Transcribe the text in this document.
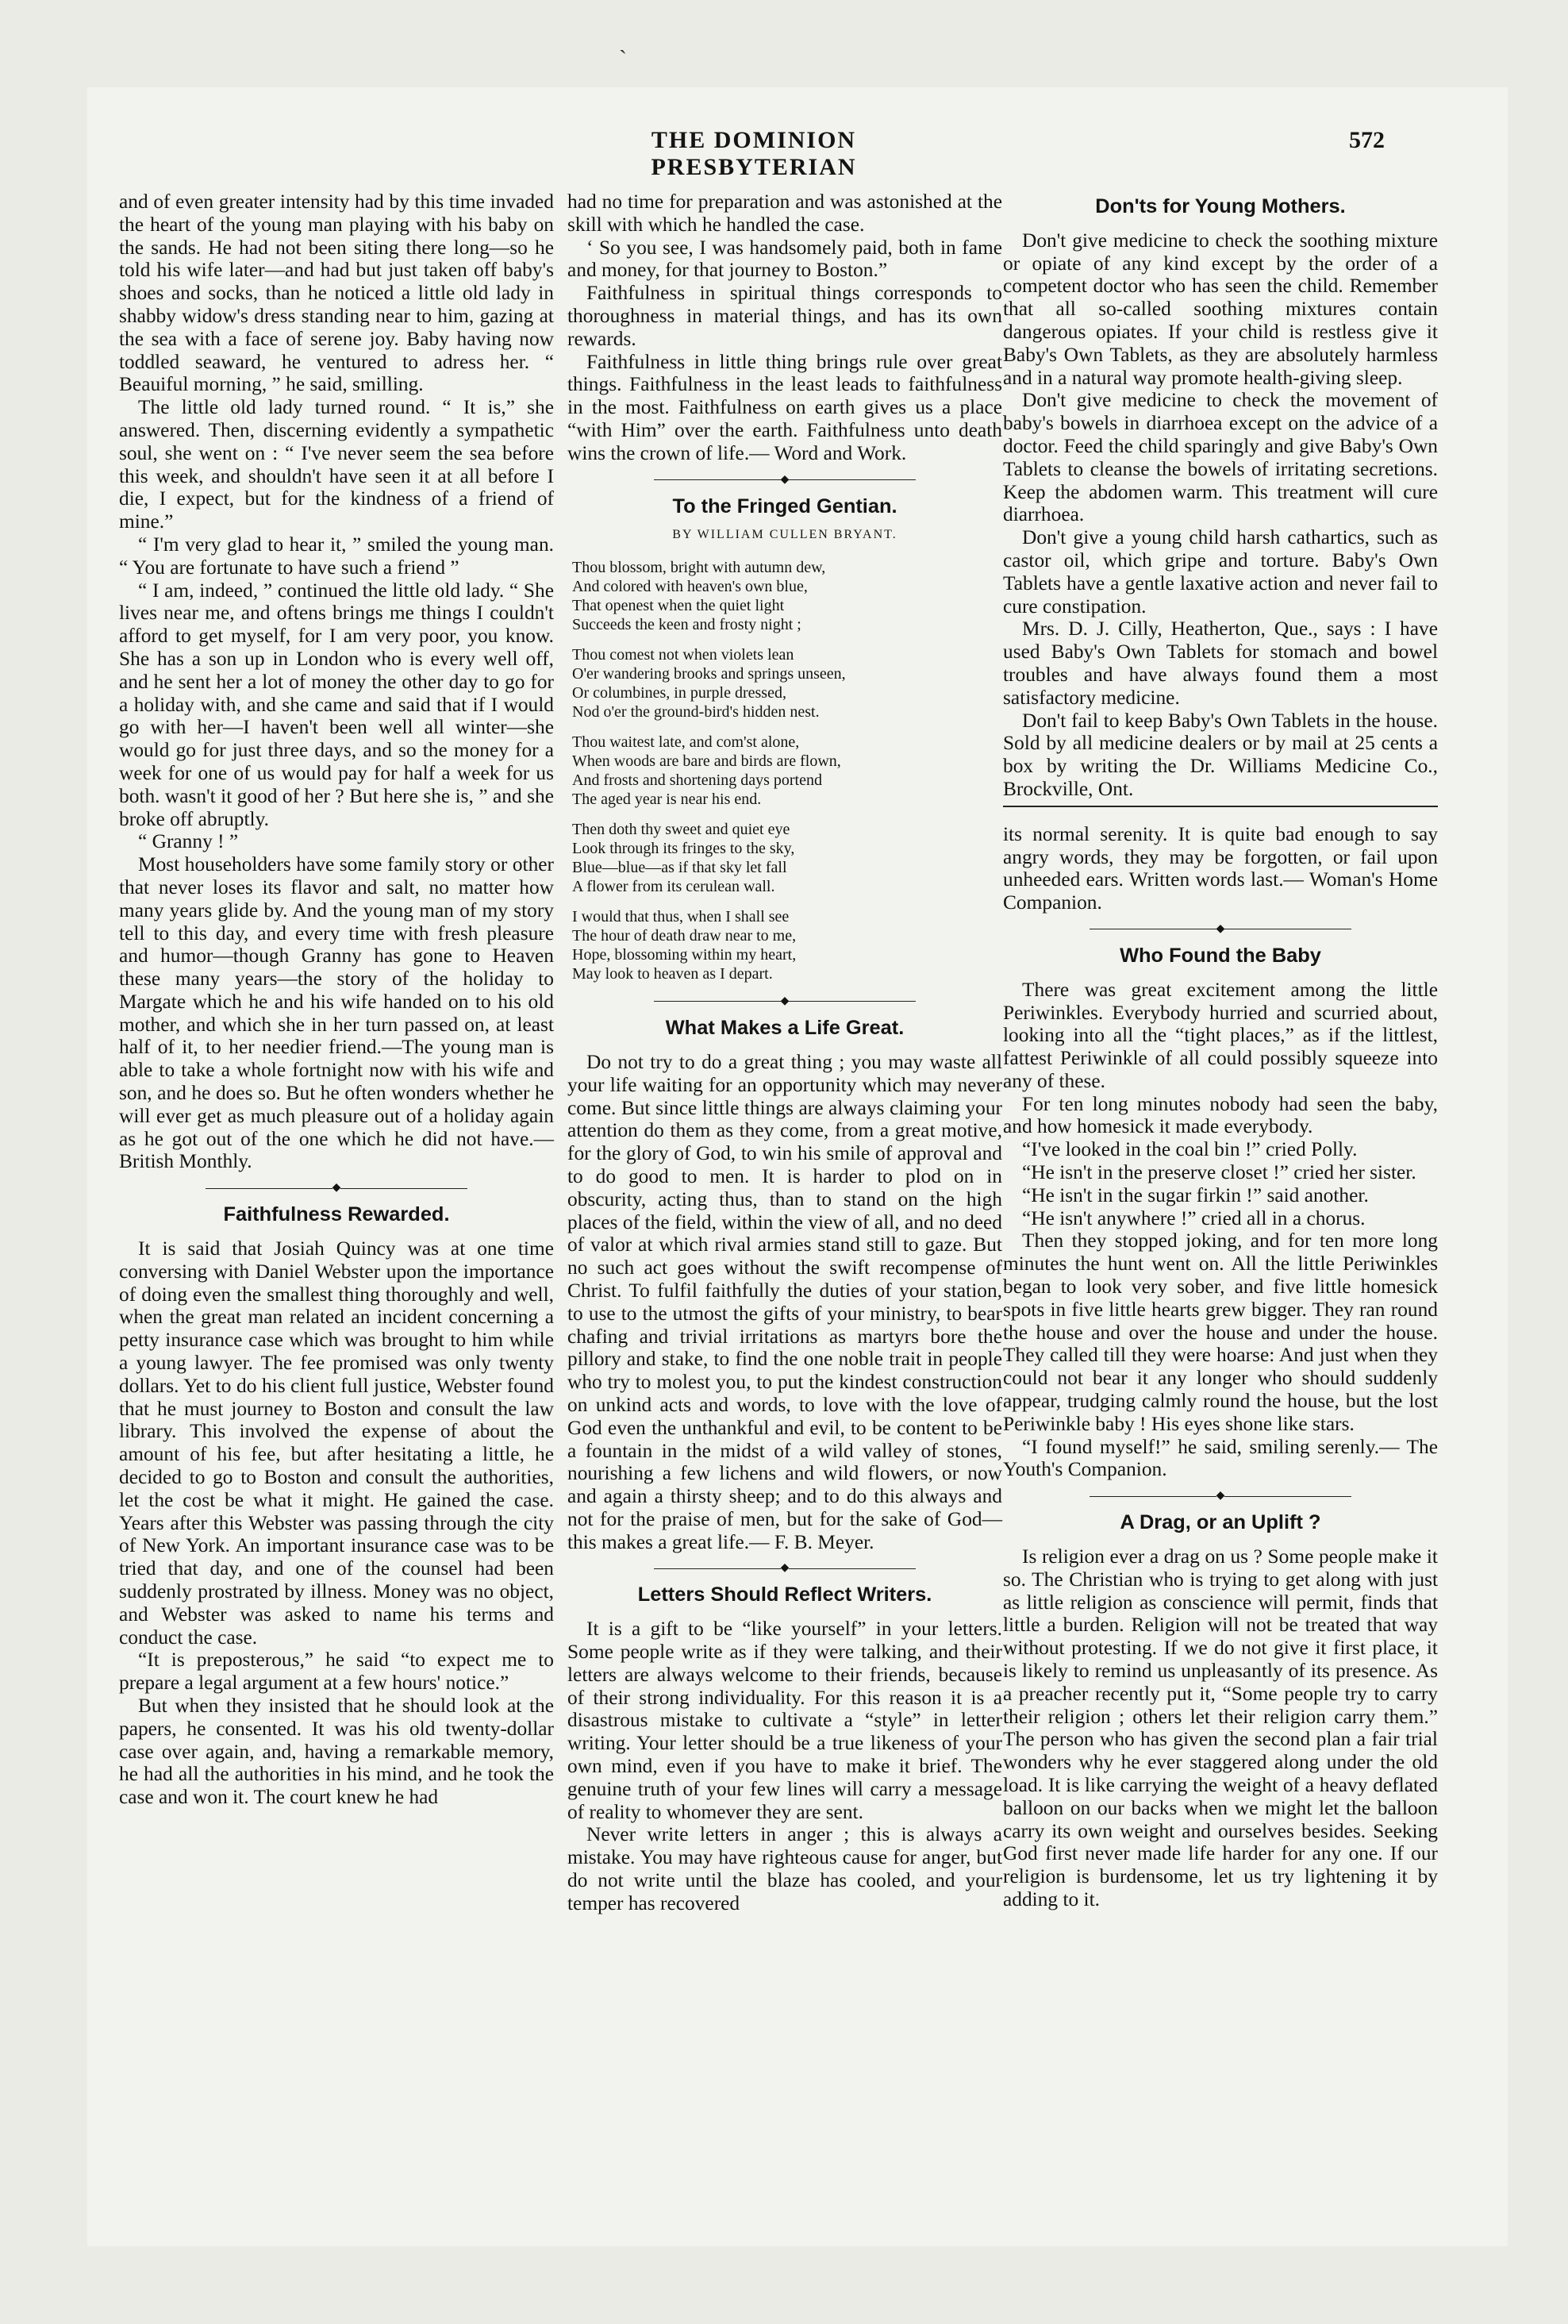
ˏ
THE DOMINION PRESBYTERIAN
572

and of even greater intensity had by this time invaded the heart of the young man playing with his baby on the sands. He had not been siting there long—so he told his wife later—and had but just taken off baby's shoes and socks, than he noticed a little old lady in shabby widow's dress standing near to him, gazing at the sea with a face of serene joy. Baby having now toddled seaward, he ventured to adress her. “ Beauiful morning, ” he said, smilling.

The little old lady turned round. “ It is,” she answered. Then, discerning evidently a sympathetic soul, she went on : “ I've never seem the sea before this week, and shouldn't have seen it at all before I die, I expect, but for the kindness of a friend of mine.”

“ I'm very glad to hear it, ” smiled the young man. “ You are fortunate to have such a friend ”

“ I am, indeed, ” continued the little old lady. “ She lives near me, and oftens brings me things I couldn't afford to get myself, for I am very poor, you know. She has a son up in London who is every well off, and he sent her a lot of money the other day to go for a holiday with, and she came and said that if I would go with her—I haven't been well all winter—she would go for just three days, and so the money for a week for one of us would pay for half a week for us both. wasn't it good of her ? But here she is, ” and she broke off abruptly.

“ Granny ! ”

Most householders have some family story or other that never loses its flavor and salt, no matter how many years glide by. And the young man of my story tell to this day, and every time with fresh pleasure and humor—though Granny has gone to Heaven these many years—the story of the holiday to Margate which he and his wife handed on to his old mother, and which she in her turn passed on, at least half of it, to her needier friend.—The young man is able to take a whole fortnight now with his wife and son, and he does so. But he often wonders whether he will ever get as much pleasure out of a holiday again as he got out of the one which he did not have.—British Monthly.

◆
Faithfulness Rewarded.

It is said that Josiah Quincy was at one time conversing with Daniel Webster upon the importance of doing even the smallest thing thoroughly and well, when the great man related an incident concerning a petty insurance case which was brought to him while a young lawyer. The fee promised was only twenty dollars. Yet to do his client full justice, Webster found that he must journey to Boston and consult the law library. This involved the expense of about the amount of his fee, but after hesitating a little, he decided to go to Boston and consult the authorities, let the cost be what it might. He gained the case. Years after this Webster was passing through the city of New York. An important insurance case was to be tried that day, and one of the counsel had been suddenly prostrated by illness. Money was no object, and Webster was asked to name his terms and conduct the case.

“It is preposterous,” he said “to expect me to prepare a legal argument at a few hours' notice.”

But when they insisted that he should look at the papers, he consented. It was his old twenty-dollar case over again, and, having a remarkable memory, he had all the authorities in his mind, and he took the case and won it. The court knew he had

had no time for preparation and was astonished at the skill with which he handled the case.

‘ So you see, I was handsomely paid, both in fame and money, for that journey to Boston.”

Faithfulness in spiritual things corresponds to thoroughness in material things, and has its own rewards.

Faithfulness in little thing brings rule over great things. Faithfulness in the least leads to faithfulness in the most. Faithfulness on earth gives us a place “with Him” over the earth. Faithfulness unto death wins the crown of life.— Word and Work.

◆
To the Fringed Gentian.
BY WILLIAM CULLEN BRYANT.
Thou blossom, bright with autumn dew,
And colored with heaven's own blue,
That openest when the quiet light
Succeeds the keen and frosty night ;
Thou comest not when violets lean
O'er wandering brooks and springs unseen,
Or columbines, in purple dressed,
Nod o'er the ground-bird's hidden nest.
Thou waitest late, and com'st alone,
When woods are bare and birds are flown,
And frosts and shortening days portend
The aged year is near his end.
Then doth thy sweet and quiet eye
Look through its fringes to the sky,
Blue—blue—as if that sky let fall
A flower from its cerulean wall.
I would that thus, when I shall see
The hour of death draw near to me,
Hope, blossoming within my heart,
May look to heaven as I depart.
◆
What Makes a Life Great.

Do not try to do a great thing ; you may waste all your life waiting for an opportunity which may never come. But since little things are always claiming your attention do them as they come, from a great motive, for the glory of God, to win his smile of approval and to do good to men. It is harder to plod on in obscurity, acting thus, than to stand on the high places of the field, within the view of all, and no deed of valor at which rival armies stand still to gaze. But no such act goes without the swift recompense of Christ. To fulfil faithfully the duties of your station, to use to the utmost the gifts of your ministry, to bear chafing and trivial irritations as martyrs bore the pillory and stake, to find the one noble trait in people who try to molest you, to put the kindest construction on unkind acts and words, to love with the love of God even the unthankful and evil, to be content to be a fountain in the midst of a wild valley of stones, nourishing a few lichens and wild flowers, or now and again a thirsty sheep; and to do this always and not for the praise of men, but for the sake of God—this makes a great life.— F. B. Meyer.

◆
Letters Should Reflect Writers.

It is a gift to be “like yourself” in your letters. Some people write as if they were talking, and their letters are always welcome to their friends, because of their strong individuality. For this reason it is a disastrous mistake to cultivate a “style” in letter writing. Your letter should be a true likeness of your own mind, even if you have to make it brief. The genuine truth of your few lines will carry a message of reality to whomever they are sent.

Never write letters in anger ; this is always a mistake. You may have righteous cause for anger, but do not write until the blaze has cooled, and your temper has recovered

Don'ts for Young Mothers.

Don't give medicine to check the soothing mixture or opiate of any kind except by the order of a competent doctor who has seen the child. Remember that all so-called soothing mixtures contain dangerous opiates. If your child is restless give it Baby's Own Tablets, as they are absolutely harmless and in a natural way promote health-giving sleep.

Don't give medicine to check the movement of baby's bowels in diarrhoea except on the advice of a doctor. Feed the child sparingly and give Baby's Own Tablets to cleanse the bowels of irritating secretions. Keep the abdomen warm. This treatment will cure diarrhoea.

Don't give a young child harsh cathartics, such as castor oil, which gripe and torture. Baby's Own Tablets have a gentle laxative action and never fail to cure constipation.

Mrs. D. J. Cilly, Heatherton, Que., says : I have used Baby's Own Tablets for stomach and bowel troubles and have always found them a most satisfactory medicine.

Don't fail to keep Baby's Own Tablets in the house. Sold by all medicine dealers or by mail at 25 cents a box by writing the Dr. Williams Medicine Co., Brockville, Ont.

its normal serenity. It is quite bad enough to say angry words, they may be forgotten, or fail upon unheeded ears. Written words last.— Woman's Home Companion.

◆
Who Found the Baby

There was great excitement among the little Periwinkles. Everybody hurried and scurried about, looking into all the “tight places,” as if the littlest, fattest Periwinkle of all could possibly squeeze into any of these.

For ten long minutes nobody had seen the baby, and how homesick it made everybody.

“I've looked in the coal bin !” cried Polly.

“He isn't in the preserve closet !” cried her sister.

“He isn't in the sugar firkin !” said another.

“He isn't anywhere !” cried all in a chorus.

Then they stopped joking, and for ten more long minutes the hunt went on. All the little Periwinkles began to look very sober, and five little homesick spots in five little hearts grew bigger. They ran round the house and over the house and under the house. They called till they were hoarse: And just when they could not bear it any longer who should suddenly appear, trudging calmly round the house, but the lost Periwinkle baby ! His eyes shone like stars.

“I found myself!” he said, smiling serenly.— The Youth's Companion.

◆
A Drag, or an Uplift ?

Is religion ever a drag on us ? Some people make it so. The Christian who is trying to get along with just as little religion as conscience will permit, finds that little a burden. Religion will not be treated that way without protesting. If we do not give it first place, it is likely to remind us unpleasantly of its presence. As a preacher recently put it, “Some people try to carry their religion ; others let their religion carry them.” The person who has given the second plan a fair trial wonders why he ever staggered along under the old load. It is like carrying the weight of a heavy deflated balloon on our backs when we might let the balloon carry its own weight and ourselves besides. Seeking God first never made life harder for any one. If our religion is burdensome, let us try lightening it by adding to it.
